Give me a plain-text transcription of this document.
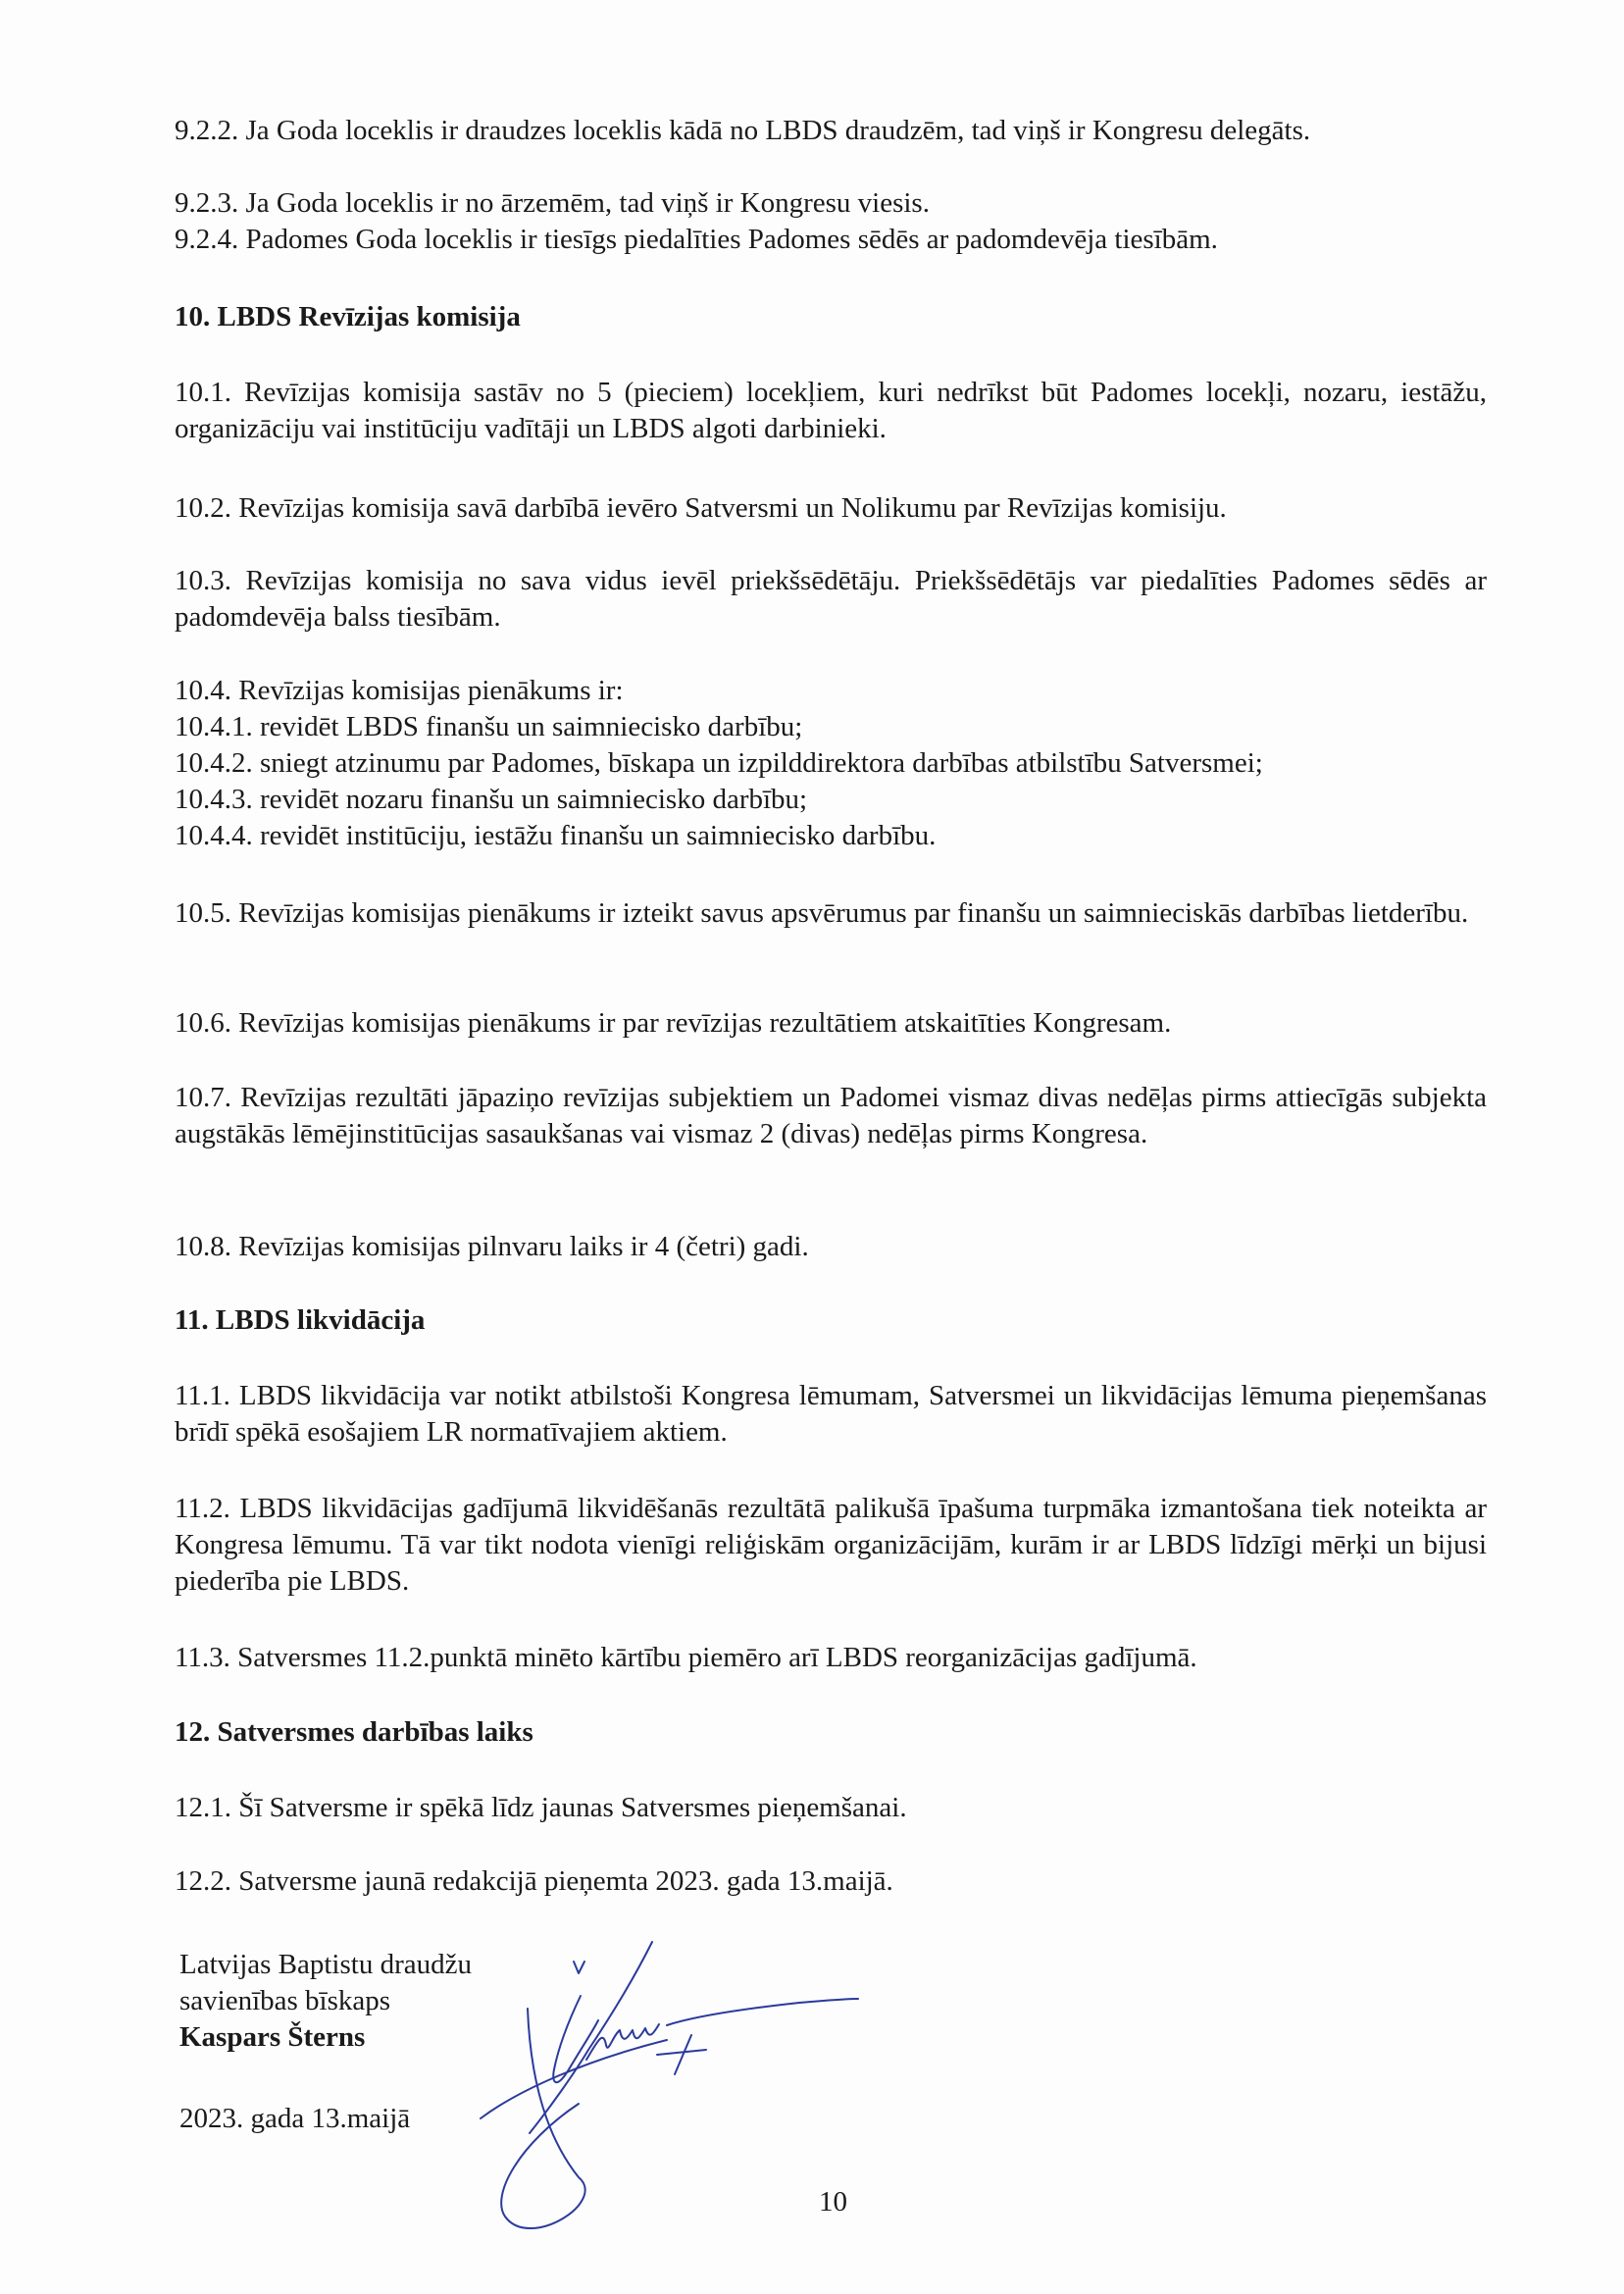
9.2.2. Ja Goda loceklis ir draudzes loceklis kādā no LBDS draudzēm, tad viņš ir Kongresu delegāts.

9.2.3. Ja Goda loceklis ir no ārzemēm, tad viņš ir Kongresu viesis.

9.2.4. Padomes Goda loceklis ir tiesīgs piedalīties Padomes sēdēs ar padomdevēja tiesībām.

10. LBDS Revīzijas komisija

10.1. Revīzijas komisija sastāv no 5 (pieciem) locekļiem, kuri nedrīkst būt Padomes locekļi, nozaru, iestāžu, organizāciju vai institūciju vadītāji un LBDS algoti darbinieki.

10.2. Revīzijas komisija savā darbībā ievēro Satversmi un Nolikumu par Revīzijas komisiju.

10.3. Revīzijas komisija no sava vidus ievēl priekšsēdētāju. Priekšsēdētājs var piedalīties Padomes sēdēs ar padomdevēja balss tiesībām.

10.4. Revīzijas komisijas pienākums ir:

10.4.1. revidēt LBDS finanšu un saimniecisko darbību;

10.4.2. sniegt atzinumu par Padomes, bīskapa un izpilddirektora darbības atbilstību Satversmei;

10.4.3. revidēt nozaru finanšu un saimniecisko darbību;

10.4.4. revidēt institūciju, iestāžu finanšu un saimniecisko darbību.

10.5. Revīzijas komisijas pienākums ir izteikt savus apsvērumus par finanšu un saimnieciskās darbības lietderību.

10.6. Revīzijas komisijas pienākums ir par revīzijas rezultātiem atskaitīties Kongresam.

10.7. Revīzijas rezultāti jāpaziņo revīzijas subjektiem un Padomei vismaz divas nedēļas pirms attiecīgās subjekta augstākās lēmējinstitūcijas sasaukšanas vai vismaz 2 (divas) nedēļas pirms Kongresa.

10.8. Revīzijas komisijas pilnvaru laiks ir 4 (četri) gadi.

11. LBDS likvidācija

11.1. LBDS likvidācija var notikt atbilstoši Kongresa lēmumam, Satversmei un likvidācijas lēmuma pieņemšanas brīdī spēkā esošajiem LR normatīvajiem aktiem.

11.2. LBDS likvidācijas gadījumā likvidēšanās rezultātā palikušā īpašuma turpmāka izmantošana tiek noteikta ar Kongresa lēmumu. Tā var tikt nodota vienīgi reliģiskām organizācijām, kurām ir ar LBDS līdzīgi mērķi un bijusi piederība pie LBDS.

11.3. Satversmes 11.2.punktā minēto kārtību piemēro arī LBDS reorganizācijas gadījumā.

12. Satversmes darbības laiks

12.1. Šī Satversme ir spēkā līdz jaunas Satversmes pieņemšanai.

12.2. Satversme jaunā redakcijā pieņemta 2023. gada 13.maijā.

Latvijas Baptistu draudžu
savienības bīskaps
Kaspars Šterns
2023. gada 13.maijā
10
